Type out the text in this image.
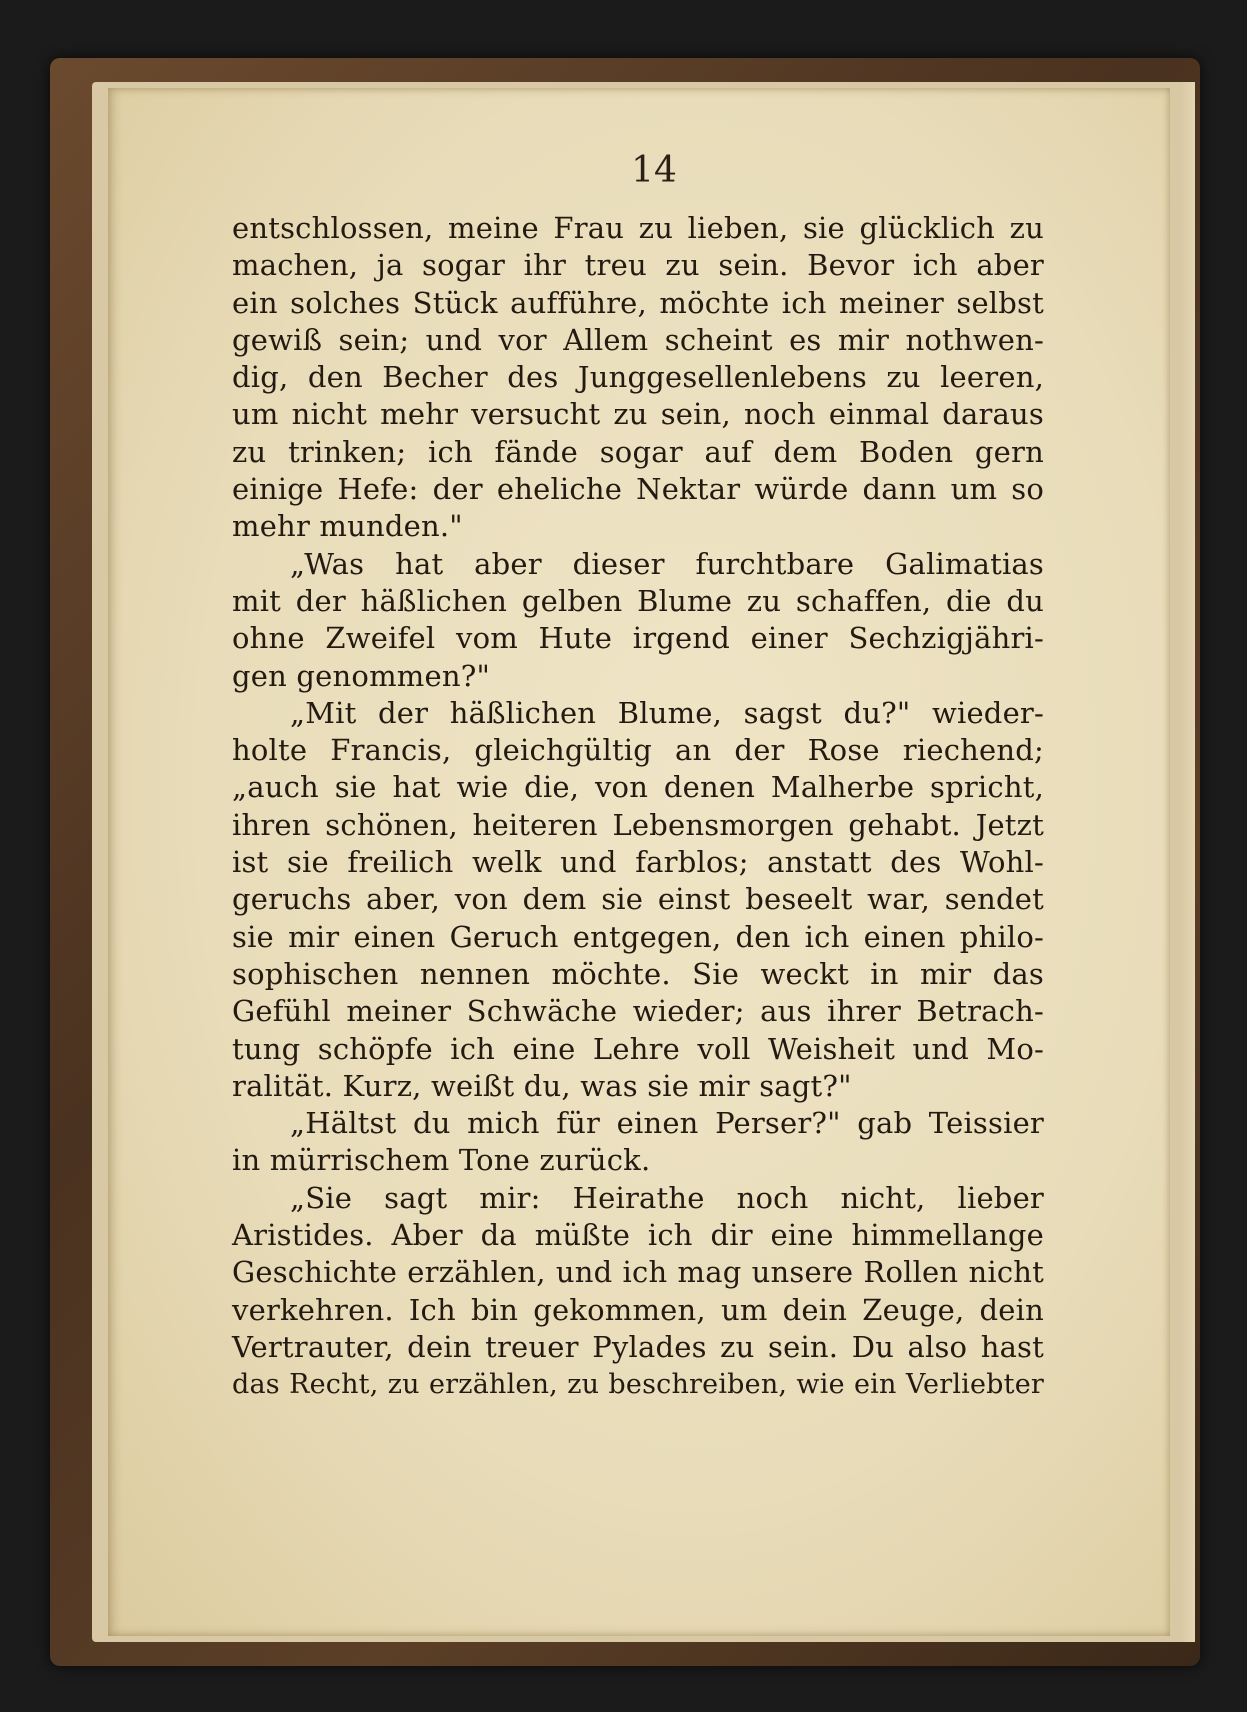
14
entschlossen, meine Frau zu lieben, sie glücklich zu
machen, ja sogar ihr treu zu sein. Bevor ich aber
ein solches Stück aufführe, möchte ich meiner selbst
gewiß sein; und vor Allem scheint es mir nothwen-
dig, den Becher des Junggesellenlebens zu leeren,
um nicht mehr versucht zu sein, noch einmal daraus
zu trinken; ich fände sogar auf dem Boden gern
einige Hefe: der eheliche Nektar würde dann um so
mehr munden."
„Was hat aber dieser furchtbare Galimatias
mit der häßlichen gelben Blume zu schaffen, die du
ohne Zweifel vom Hute irgend einer Sechzigjähri-
gen genommen?"
„Mit der häßlichen Blume, sagst du?" wieder-
holte Francis, gleichgültig an der Rose riechend;
„auch sie hat wie die, von denen Malherbe spricht,
ihren schönen, heiteren Lebensmorgen gehabt. Jetzt
ist sie freilich welk und farblos; anstatt des Wohl-
geruchs aber, von dem sie einst beseelt war, sendet
sie mir einen Geruch entgegen, den ich einen philo-
sophischen nennen möchte. Sie weckt in mir das
Gefühl meiner Schwäche wieder; aus ihrer Betrach-
tung schöpfe ich eine Lehre voll Weisheit und Mo-
ralität. Kurz, weißt du, was sie mir sagt?"
„Hältst du mich für einen Perser?" gab Teissier
in mürrischem Tone zurück.
„Sie sagt mir: Heirathe noch nicht, lieber
Aristides. Aber da müßte ich dir eine himmellange
Geschichte erzählen, und ich mag unsere Rollen nicht
verkehren. Ich bin gekommen, um dein Zeuge, dein
Vertrauter, dein treuer Pylades zu sein. Du also hast
das Recht, zu erzählen, zu beschreiben, wie ein Verliebter
